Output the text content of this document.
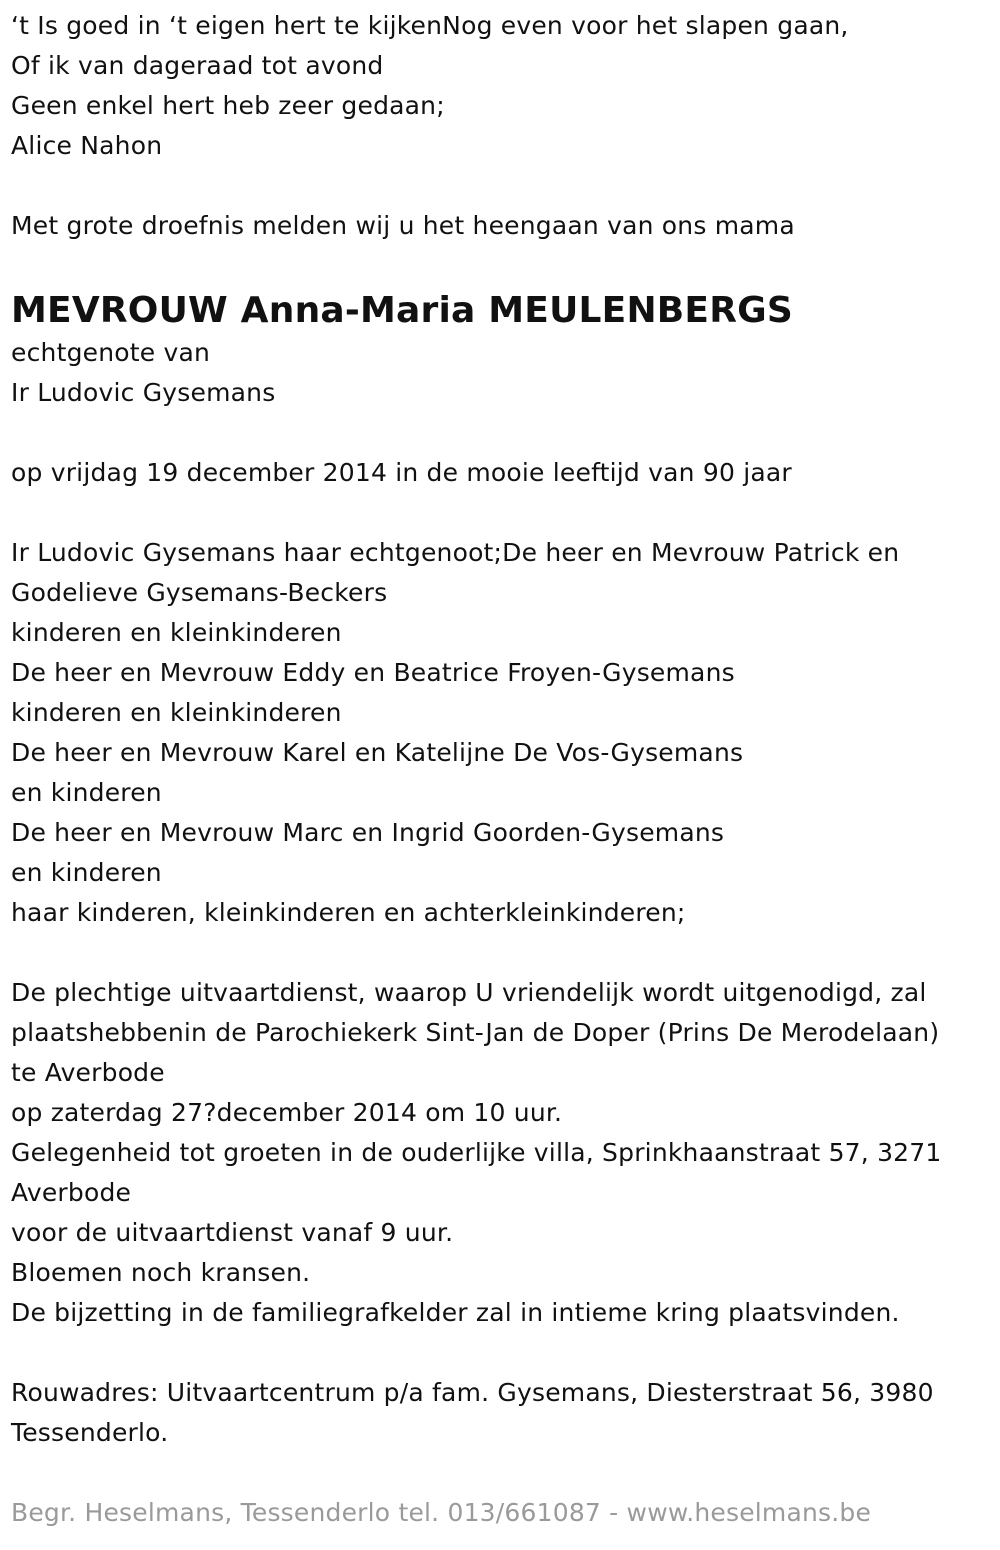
‘t Is goed in ‘t eigen hert te kijkenNog even voor het slapen gaan,
Of ik van dageraad tot avond
Geen enkel hert heb zeer gedaan;
Alice Nahon
Met grote droefnis melden wij u het heengaan van ons mama
MEVROUW Anna-Maria MEULENBERGS
echtgenote van
Ir Ludovic Gysemans
op vrijdag 19 december 2014 in de mooie leeftijd van 90 jaar
Ir Ludovic Gysemans haar echtgenoot;De heer en Mevrouw Patrick en
Godelieve Gysemans-Beckers
kinderen en kleinkinderen
De heer en Mevrouw Eddy en Beatrice Froyen-Gysemans
kinderen en kleinkinderen
De heer en Mevrouw Karel en Katelijne De Vos-Gysemans
en kinderen
De heer en Mevrouw Marc en Ingrid Goorden-Gysemans
en kinderen
haar kinderen, kleinkinderen en achterkleinkinderen;
De plechtige uitvaartdienst, waarop U vriendelijk wordt uitgenodigd, zal
plaatshebbenin de Parochiekerk Sint-Jan de Doper (Prins De Merodelaan)
te Averbode
op zaterdag 27?december 2014 om 10 uur.
Gelegenheid tot groeten in de ouderlijke villa, Sprinkhaanstraat 57, 3271
Averbode
voor de uitvaartdienst vanaf 9 uur.
Bloemen noch kransen.
De bijzetting in de familiegrafkelder zal in intieme kring plaatsvinden.
Rouwadres: Uitvaartcentrum p/a fam. Gysemans, Diesterstraat 56, 3980
Tessenderlo.
Begr. Heselmans, Tessenderlo tel. 013/661087 - www.heselmans.be
